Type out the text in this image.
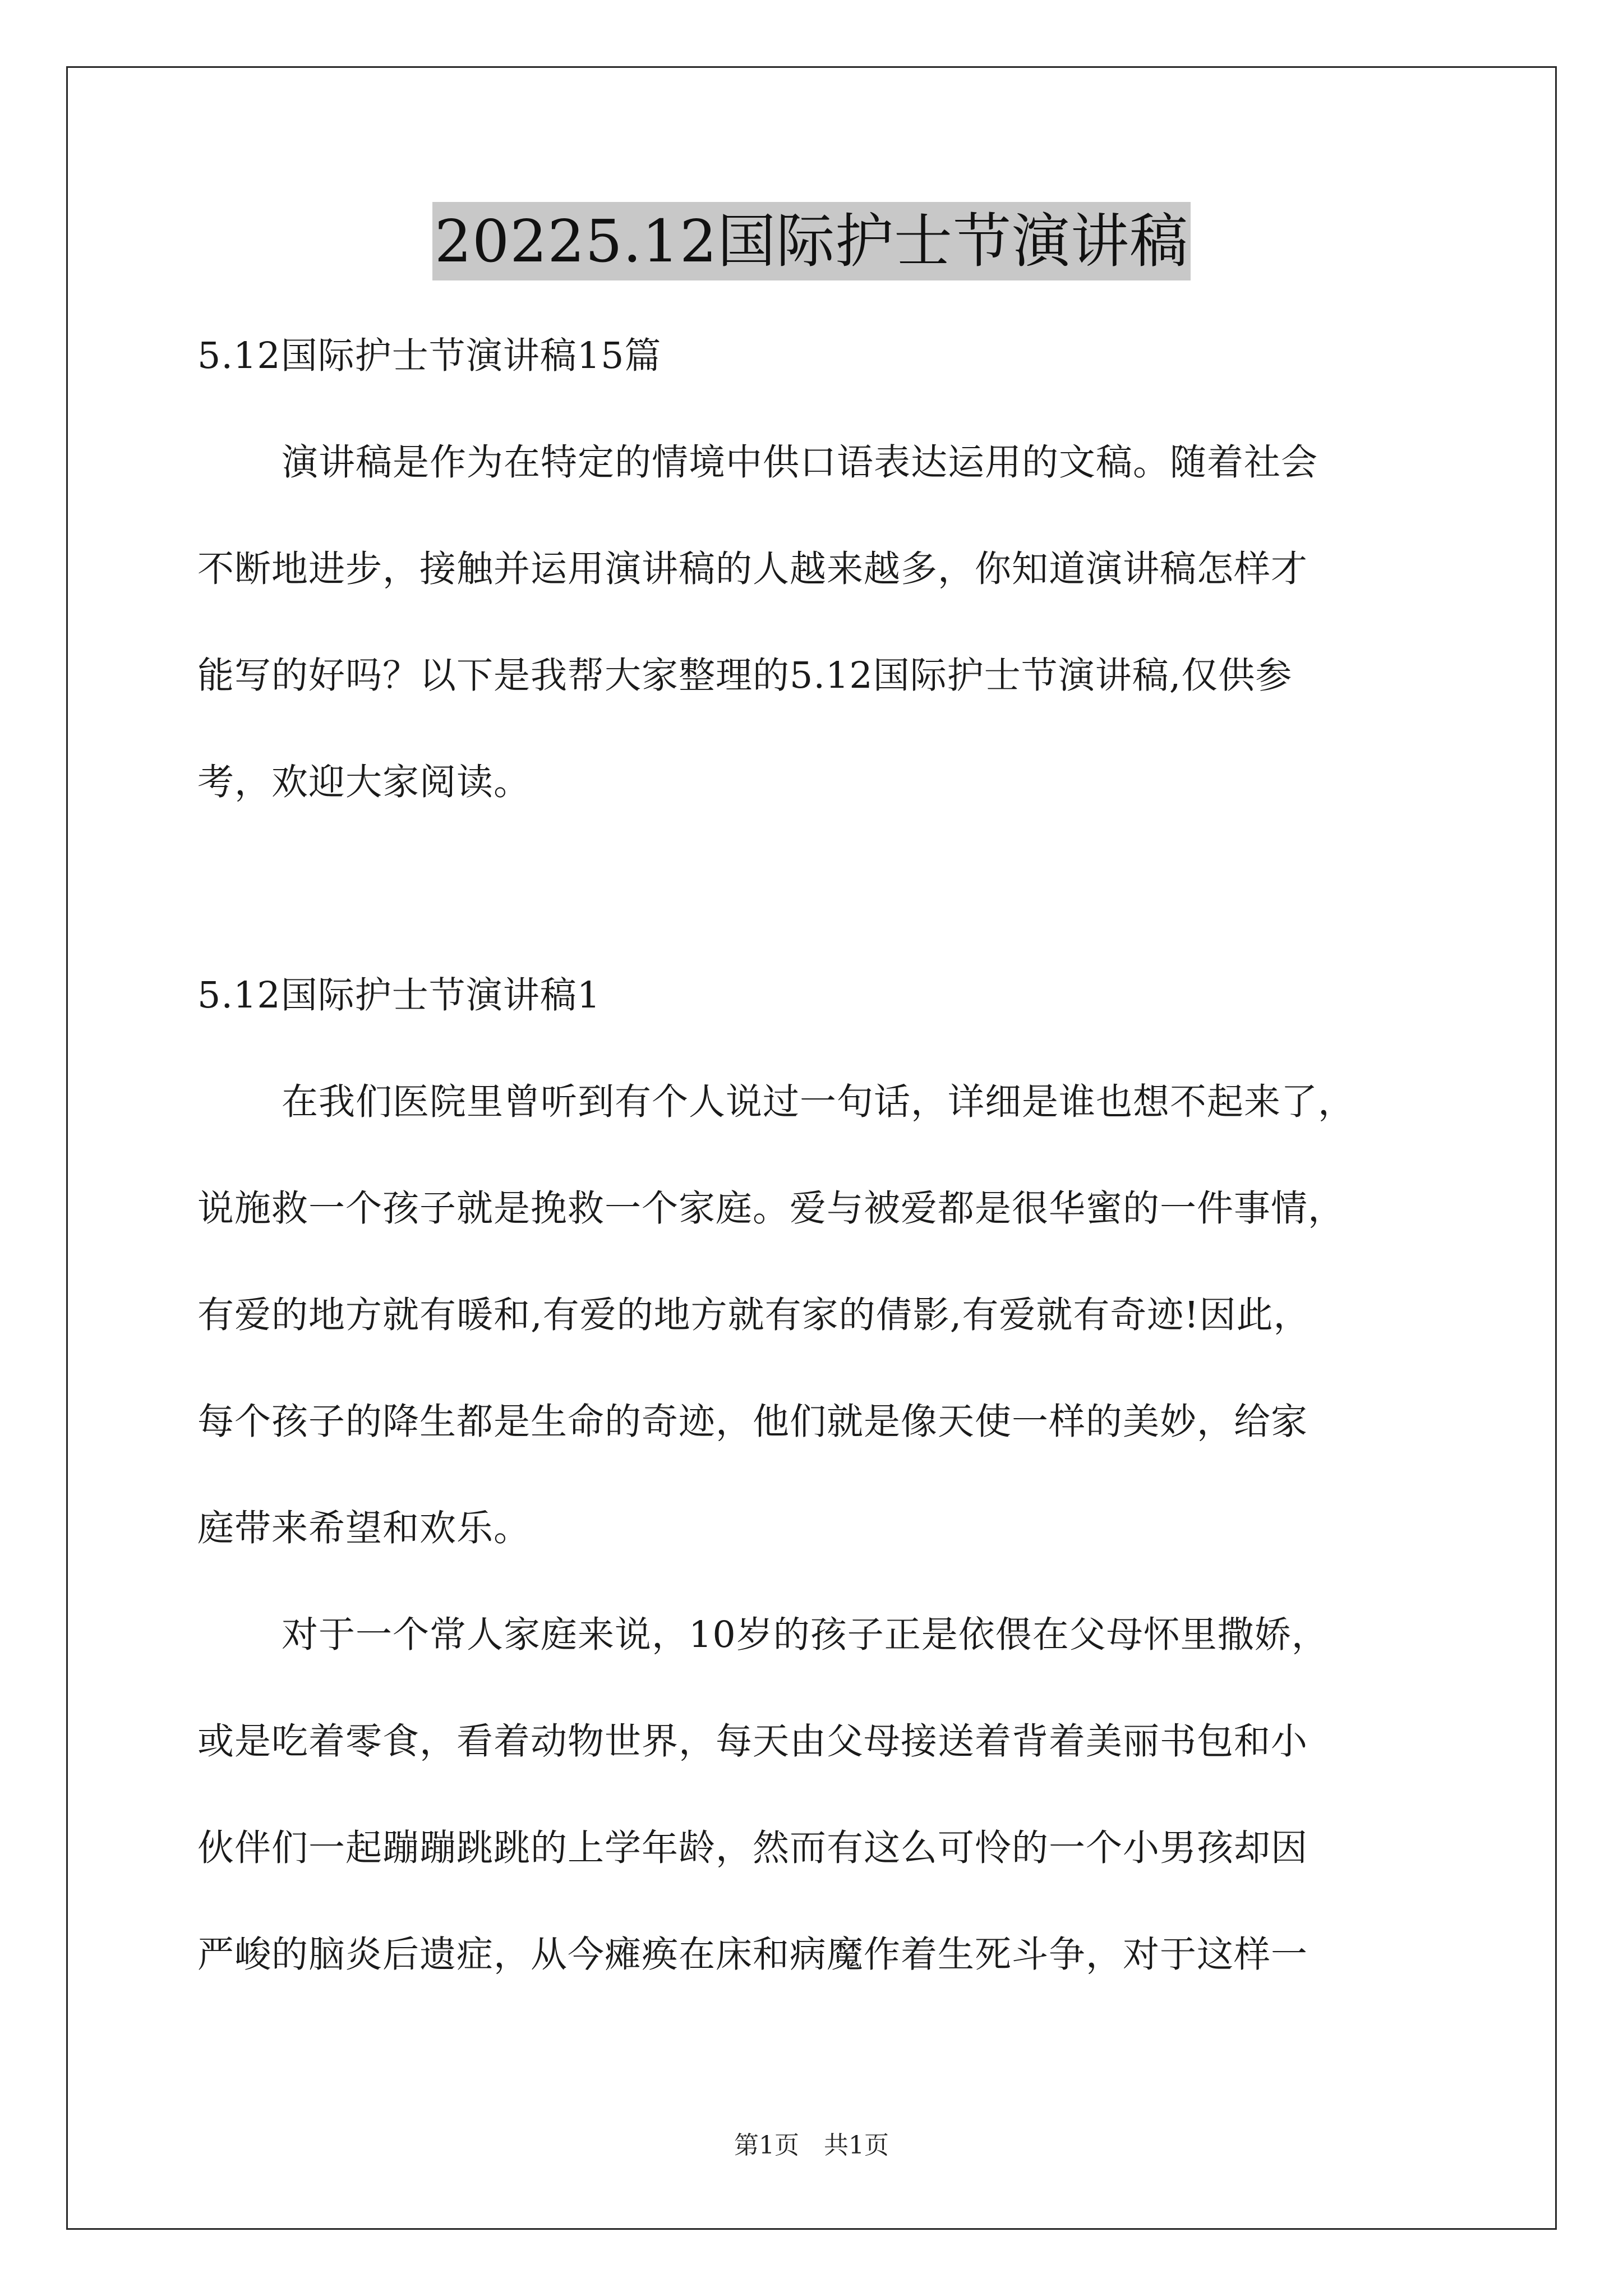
20225.12国际护士节演讲稿
5.12国际护士节演讲稿15篇
演讲稿是作为在特定的情境中供口语表达运用的文稿。随着社会
不断地进步，接触并运用演讲稿的人越来越多，你知道演讲稿怎样才
能写的好吗？以下是我帮大家整理的5.12国际护士节演讲稿,仅供参
考，欢迎大家阅读。
5.12国际护士节演讲稿1
在我们医院里曾听到有个人说过一句话，详细是谁也想不起来了，
说施救一个孩子就是挽救一个家庭。爱与被爱都是很华蜜的一件事情，
有爱的地方就有暖和,有爱的地方就有家的倩影,有爱就有奇迹!因此，
每个孩子的降生都是生命的奇迹，他们就是像天使一样的美妙，给家
庭带来希望和欢乐。
对于一个常人家庭来说，10岁的孩子正是依偎在父母怀里撒娇，
或是吃着零食，看着动物世界，每天由父母接送着背着美丽书包和小
伙伴们一起蹦蹦跳跳的上学年龄，然而有这么可怜的一个小男孩却因
严峻的脑炎后遗症，从今瘫痪在床和病魔作着生死斗争，对于这样一
第1页　共1页
